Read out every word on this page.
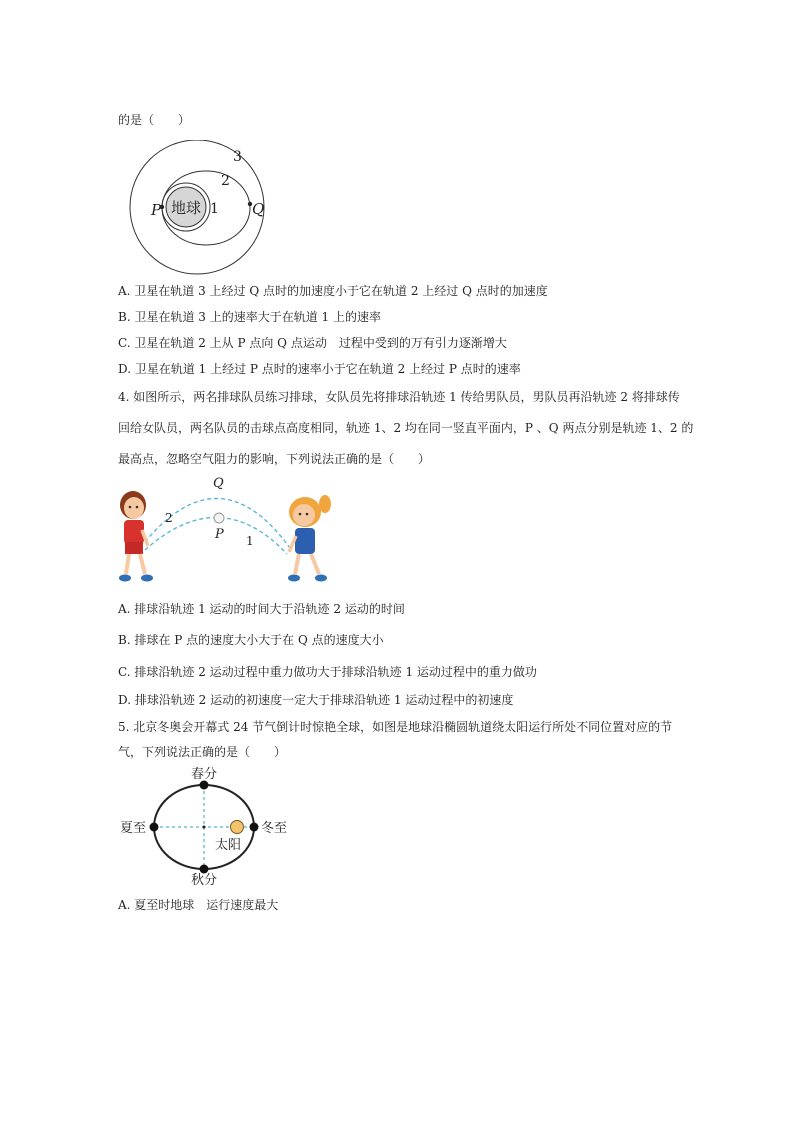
的是（　　）
地球
P	Q
3
2
1
A. 卫星在轨道 3 上经过 Q 点时的加速度小于它在轨道 2 上经过 Q 点时的加速度
B. 卫星在轨道 3 上的速率大于在轨道 1 上的速率
C. 卫星在轨道 2 上从 P 点向 Q 点运动　过程中受到的万有引力逐渐增大
D. 卫星在轨道 1 上经过 P 点时的速率小于它在轨道 2 上经过 P 点时的速率
4. 如图所示，两名排球队员练习排球，女队员先将排球沿轨迹 1 传给男队员，男队员再沿轨迹 2 将排球传
回给女队员，两名队员的击球点高度相同，轨迹 1、2 均在同一竖直平面内，P 、Q 两点分别是轨迹 1、2 的
最高点，忽略空气阻力的影响，下列说法正确的是（　　）
Q
P
2
1
A. 排球沿轨迹 1 运动的时间大于沿轨迹 2 运动的时间
B. 排球在 P 点的速度大小大于在 Q 点的速度大小
C. 排球沿轨迹 2 运动过程中重力做功大于排球沿轨迹 1 运动过程中的重力做功
D. 排球沿轨迹 2 运动的初速度一定大于排球沿轨迹 1 运动过程中的初速度
5. 北京冬奥会开幕式 24 节气倒计时惊艳全球，如图是地球沿椭圆轨道绕太阳运行所处不同位置对应的节
气，下列说法正确的是（　　）
春分
夏至	冬至
秋分
太阳
A. 夏至时地球　运行速度最大
